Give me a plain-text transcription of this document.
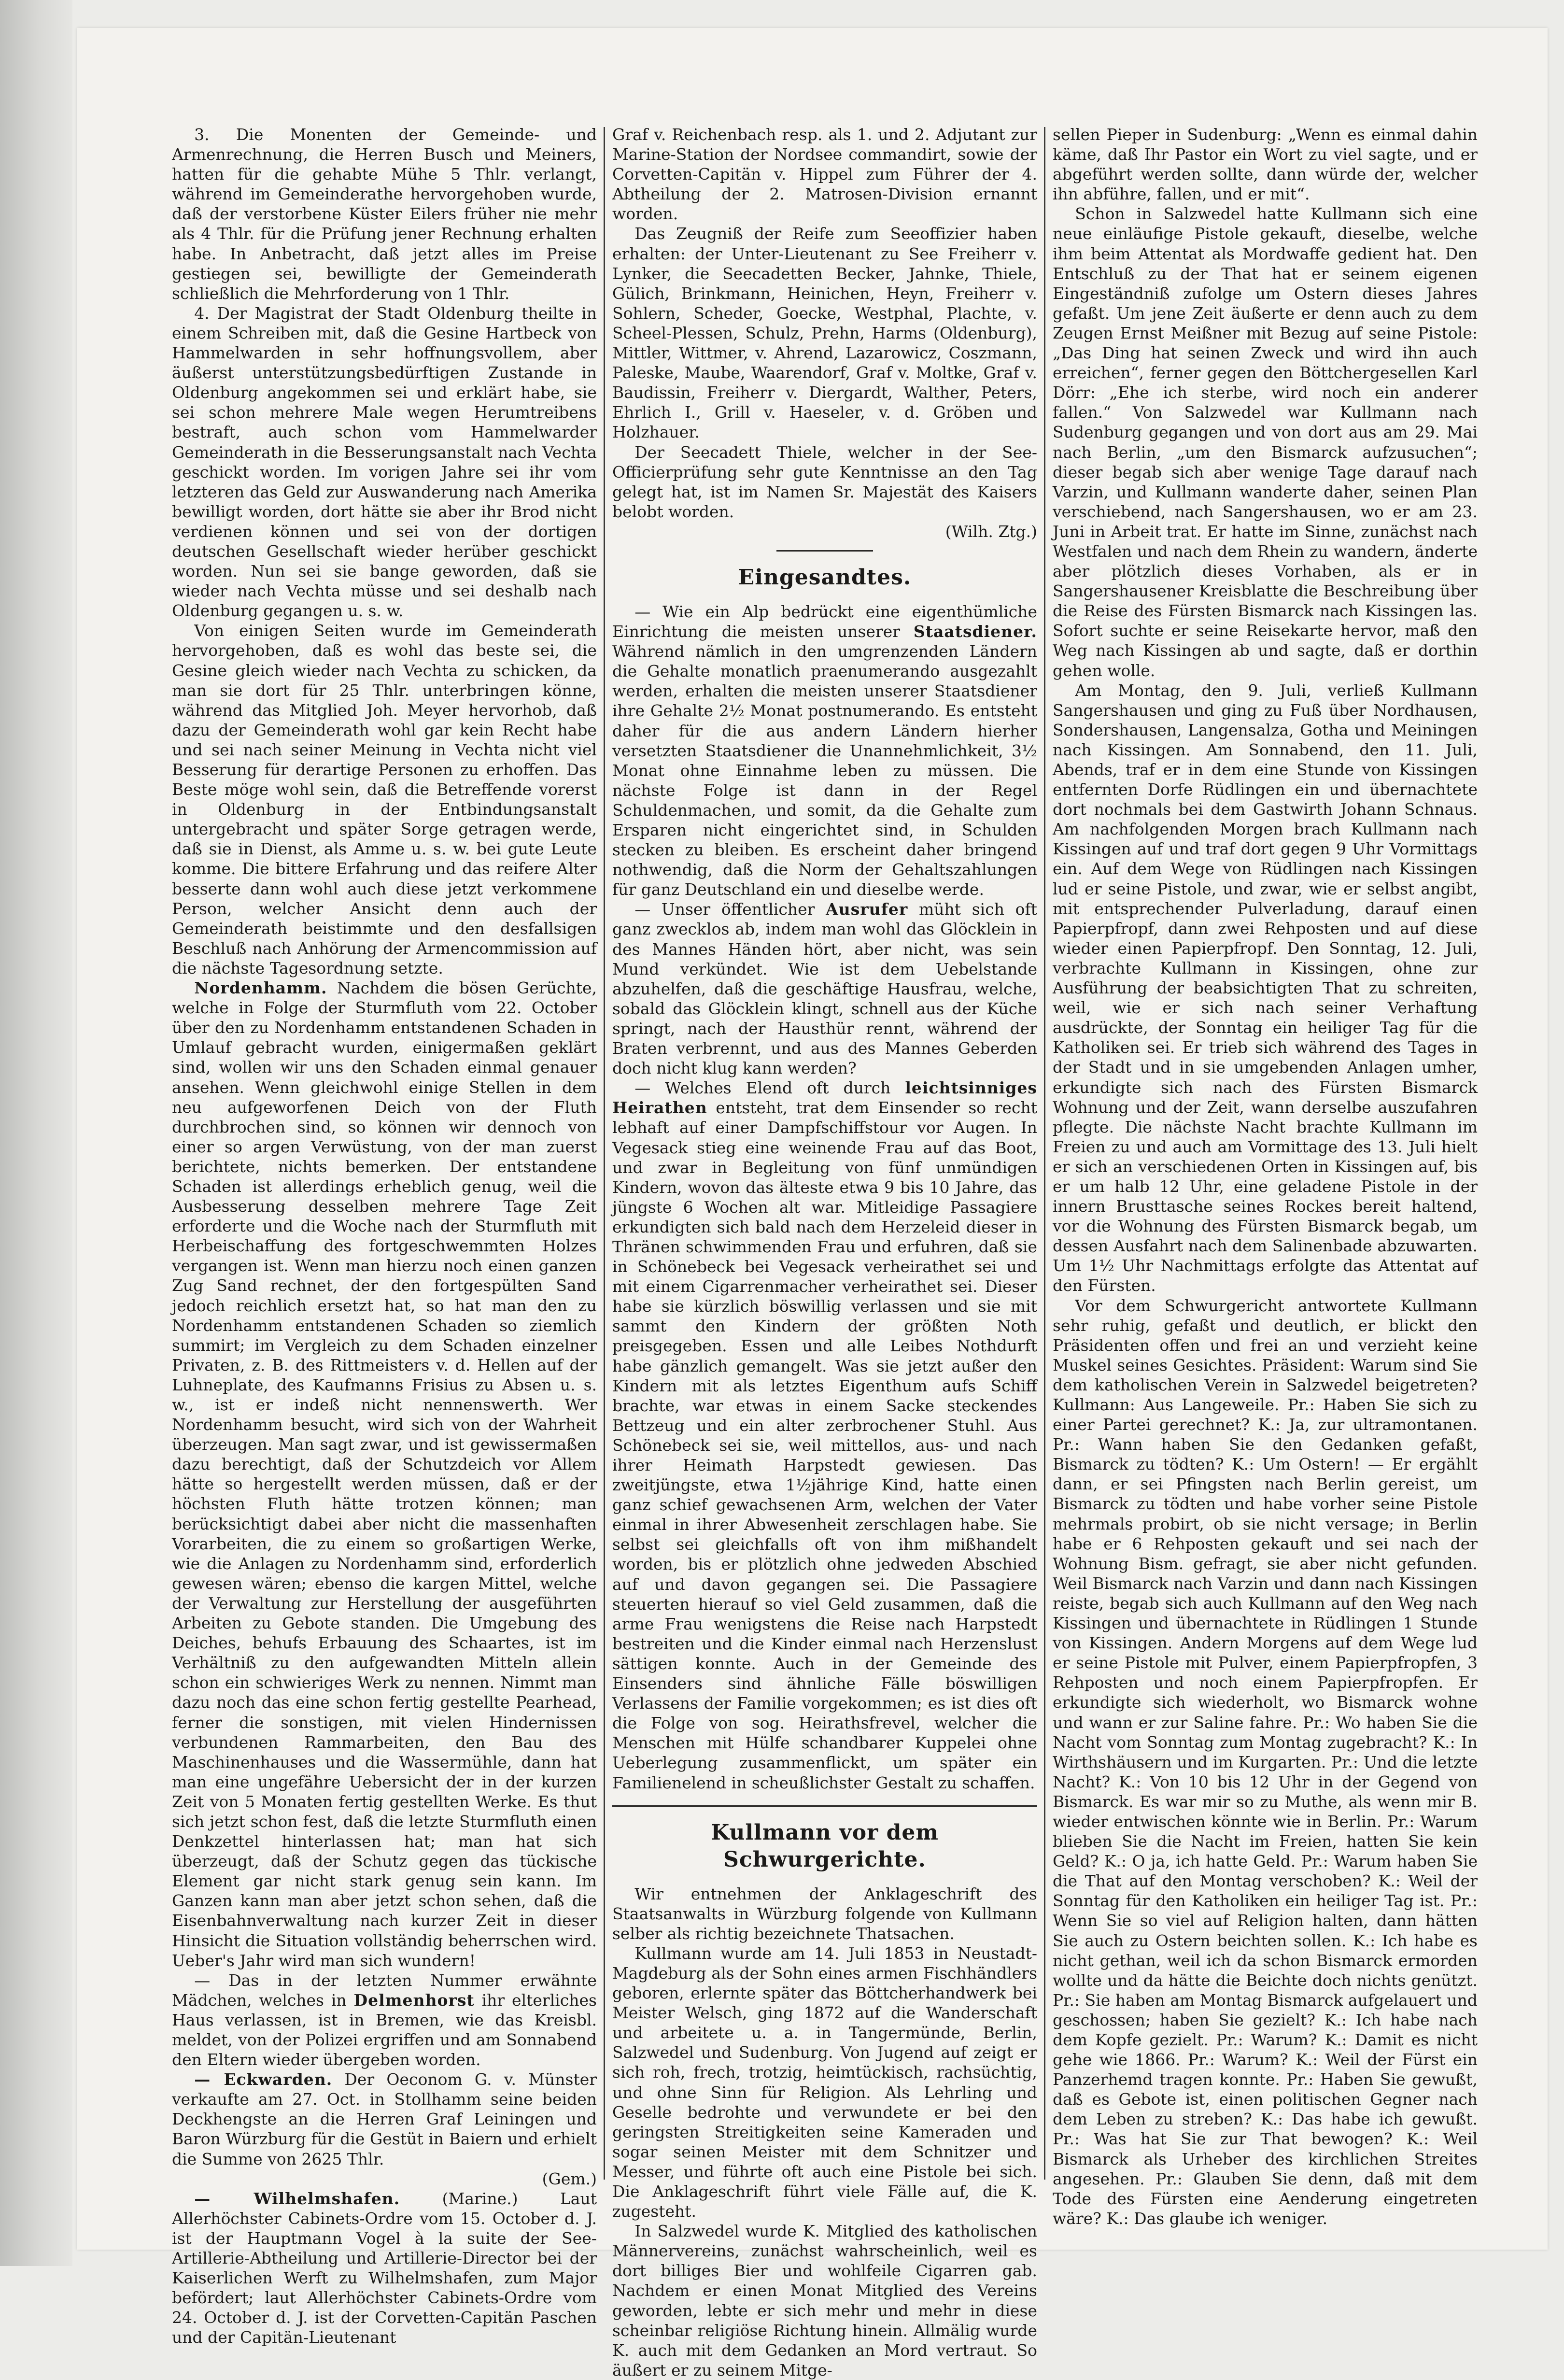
3. Die Monenten der Gemeinde- und Armenrechnung, die Herren Busch und Meiners, hatten für die gehabte Mühe 5 Thlr. verlangt, während im Gemeinderathe hervorgehoben wurde, daß der verstorbene Küster Eilers früher nie mehr als 4 Thlr. für die Prüfung jener Rechnung erhalten habe. In Anbetracht, daß jetzt alles im Preise gestiegen sei, bewilligte der Gemeinderath schließlich die Mehrforderung von 1 Thlr.

4. Der Magistrat der Stadt Oldenburg theilte in einem Schreiben mit, daß die Gesine Hartbeck von Hammelwarden in sehr hoffnungsvollem, aber äußerst unterstützungsbedürftigen Zustande in Oldenburg angekommen sei und erklärt habe, sie sei schon mehrere Male wegen Herumtreibens bestraft, auch schon vom Hammelwarder Gemeinderath in die Besserungsanstalt nach Vechta geschickt worden. Im vorigen Jahre sei ihr vom letzteren das Geld zur Auswanderung nach Amerika bewilligt worden, dort hätte sie aber ihr Brod nicht verdienen können und sei von der dortigen deutschen Gesellschaft wieder herüber geschickt worden. Nun sei sie bange geworden, daß sie wieder nach Vechta müsse und sei deshalb nach Oldenburg gegangen u. s. w.

Von einigen Seiten wurde im Gemeinderath hervorgehoben, daß es wohl das beste sei, die Gesine gleich wieder nach Vechta zu schicken, da man sie dort für 25 Thlr. unterbringen könne, während das Mitglied Joh. Meyer hervorhob, daß dazu der Gemeinderath wohl gar kein Recht habe und sei nach seiner Meinung in Vechta nicht viel Besserung für derartige Personen zu erhoffen. Das Beste möge wohl sein, daß die Betreffende vorerst in Oldenburg in der Entbindungsanstalt untergebracht und später Sorge getragen werde, daß sie in Dienst, als Amme u. s. w. bei gute Leute komme. Die bittere Erfahrung und das reifere Alter besserte dann wohl auch diese jetzt verkommene Person, welcher Ansicht denn auch der Gemeinderath beistimmte und den desfallsigen Beschluß nach Anhörung der Armencommission auf die nächste Tagesordnung setzte.

Nordenhamm. Nachdem die bösen Gerüchte, welche in Folge der Sturmfluth vom 22. October über den zu Nordenhamm entstandenen Schaden in Umlauf gebracht wurden, einigermaßen geklärt sind, wollen wir uns den Schaden einmal genauer ansehen. Wenn gleichwohl einige Stellen in dem neu aufgeworfenen Deich von der Fluth durchbrochen sind, so können wir dennoch von einer so argen Verwüstung, von der man zuerst berichtete, nichts bemerken. Der entstandene Schaden ist allerdings erheblich genug, weil die Ausbesserung desselben mehrere Tage Zeit erforderte und die Woche nach der Sturmfluth mit Herbeischaffung des fortgeschwemmten Holzes vergangen ist. Wenn man hierzu noch einen ganzen Zug Sand rechnet, der den fortgespülten Sand jedoch reichlich ersetzt hat, so hat man den zu Nordenhamm entstandenen Schaden so ziemlich summirt; im Vergleich zu dem Schaden einzelner Privaten, z. B. des Rittmeisters v. d. Hellen auf der Luhneplate, des Kaufmanns Frisius zu Absen u. s. w., ist er indeß nicht nennenswerth. Wer Nordenhamm besucht, wird sich von der Wahrheit überzeugen. Man sagt zwar, und ist gewissermaßen dazu berechtigt, daß der Schutzdeich vor Allem hätte so hergestellt werden müssen, daß er der höchsten Fluth hätte trotzen können; man berücksichtigt dabei aber nicht die massenhaften Vorarbeiten, die zu einem so großartigen Werke, wie die Anlagen zu Nordenhamm sind, erforderlich gewesen wären; ebenso die kargen Mittel, welche der Verwaltung zur Herstellung der ausgeführten Arbeiten zu Gebote standen. Die Umgebung des Deiches, behufs Erbauung des Schaartes, ist im Verhältniß zu den aufgewandten Mitteln allein schon ein schwieriges Werk zu nennen. Nimmt man dazu noch das eine schon fertig gestellte Pearhead, ferner die sonstigen, mit vielen Hindernissen verbundenen Rammarbeiten, den Bau des Maschinenhauses und die Wassermühle, dann hat man eine ungefähre Uebersicht der in der kurzen Zeit von 5 Monaten fertig gestellten Werke. Es thut sich jetzt schon fest, daß die letzte Sturmfluth einen Denkzettel hinterlassen hat; man hat sich überzeugt, daß der Schutz gegen das tückische Element gar nicht stark genug sein kann. Im Ganzen kann man aber jetzt schon sehen, daß die Eisenbahnverwaltung nach kurzer Zeit in dieser Hinsicht die Situation vollständig beherrschen wird. Ueber's Jahr wird man sich wundern!

— Das in der letzten Nummer erwähnte Mädchen, welches in Delmenhorst ihr elterliches Haus verlassen, ist in Bremen, wie das Kreisbl. meldet, von der Polizei ergriffen und am Sonnabend den Eltern wieder übergeben worden.

— Eckwarden. Der Oeconom G. v. Münster verkaufte am 27. Oct. in Stollhamm seine beiden Deckhengste an die Herren Graf Leiningen und Baron Würzburg für die Gestüt in Baiern und erhielt die Summe von 2625 Thlr.

(Gem.)

— Wilhelmshafen. (Marine.) Laut Allerhöchster Cabinets-Ordre vom 15. October d. J. ist der Hauptmann Vogel à la suite der See-Artillerie-Abtheilung und Artillerie-Director bei der Kaiserlichen Werft zu Wilhelmshafen, zum Major befördert; laut Allerhöchster Cabinets-Ordre vom 24. October d. J. ist der Corvetten-Capitän Paschen und der Capitän-Lieutenant

Graf v. Reichenbach resp. als 1. und 2. Adjutant zur Marine-Station der Nordsee commandirt, sowie der Corvetten-Capitän v. Hippel zum Führer der 4. Abtheilung der 2. Matrosen-Division ernannt worden.

Das Zeugniß der Reife zum Seeoffizier haben erhalten: der Unter-Lieutenant zu See Freiherr v. Lynker, die Seecadetten Becker, Jahnke, Thiele, Gülich, Brinkmann, Heinichen, Heyn, Freiherr v. Sohlern, Scheder, Goecke, Westphal, Plachte, v. Scheel-Plessen, Schulz, Prehn, Harms (Oldenburg), Mittler, Wittmer, v. Ahrend, Lazarowicz, Coszmann, Paleske, Maube, Waarendorf, Graf v. Moltke, Graf v. Baudissin, Freiherr v. Diergardt, Walther, Peters, Ehrlich I., Grill v. Haeseler, v. d. Gröben und Holzhauer.

Der Seecadett Thiele, welcher in der See-Officierprüfung sehr gute Kenntnisse an den Tag gelegt hat, ist im Namen Sr. Majestät des Kaisers belobt worden.

(Wilh. Ztg.)

Eingesandtes.

— Wie ein Alp bedrückt eine eigenthümliche Einrichtung die meisten unserer Staatsdiener. Während nämlich in den umgrenzenden Ländern die Gehalte monatlich praenumerando ausgezahlt werden, erhalten die meisten unserer Staatsdiener ihre Gehalte 2½ Monat postnumerando. Es entsteht daher für die aus andern Ländern hierher versetzten Staatsdiener die Unannehmlichkeit, 3½ Monat ohne Einnahme leben zu müssen. Die nächste Folge ist dann in der Regel Schuldenmachen, und somit, da die Gehalte zum Ersparen nicht eingerichtet sind, in Schulden stecken zu bleiben. Es erscheint daher bringend nothwendig, daß die Norm der Gehaltszahlungen für ganz Deutschland ein und dieselbe werde.

— Unser öffentlicher Ausrufer müht sich oft ganz zwecklos ab, indem man wohl das Glöcklein in des Mannes Händen hört, aber nicht, was sein Mund verkündet. Wie ist dem Uebelstande abzuhelfen, daß die geschäftige Hausfrau, welche, sobald das Glöcklein klingt, schnell aus der Küche springt, nach der Hausthür rennt, während der Braten verbrennt, und aus des Mannes Geberden doch nicht klug kann werden?

— Welches Elend oft durch leichtsinniges Heirathen entsteht, trat dem Einsender so recht lebhaft auf einer Dampfschiffstour vor Augen. In Vegesack stieg eine weinende Frau auf das Boot, und zwar in Begleitung von fünf unmündigen Kindern, wovon das älteste etwa 9 bis 10 Jahre, das jüngste 6 Wochen alt war. Mitleidige Passagiere erkundigten sich bald nach dem Herzeleid dieser in Thränen schwimmenden Frau und erfuhren, daß sie in Schönebeck bei Vegesack verheirathet sei und mit einem Cigarrenmacher verheirathet sei. Dieser habe sie kürzlich böswillig verlassen und sie mit sammt den Kindern der größten Noth preisgegeben. Essen und alle Leibes Nothdurft habe gänzlich gemangelt. Was sie jetzt außer den Kindern mit als letztes Eigenthum aufs Schiff brachte, war etwas in einem Sacke steckendes Bettzeug und ein alter zerbrochener Stuhl. Aus Schönebeck sei sie, weil mittellos, aus- und nach ihrer Heimath Harpstedt gewiesen. Das zweitjüngste, etwa 1½jährige Kind, hatte einen ganz schief gewachsenen Arm, welchen der Vater einmal in ihrer Abwesenheit zerschlagen habe. Sie selbst sei gleichfalls oft von ihm mißhandelt worden, bis er plötzlich ohne jedweden Abschied auf und davon gegangen sei. Die Passagiere steuerten hierauf so viel Geld zusammen, daß die arme Frau wenigstens die Reise nach Harpstedt bestreiten und die Kinder einmal nach Herzenslust sättigen konnte. Auch in der Gemeinde des Einsenders sind ähnliche Fälle böswilligen Verlassens der Familie vorgekommen; es ist dies oft die Folge von sog. Heirathsfrevel, welcher die Menschen mit Hülfe schandbarer Kuppelei ohne Ueberlegung zusammenflickt, um später ein Familienelend in scheußlichster Gestalt zu schaffen.

Kullmann vor dem Schwurgerichte.

Wir entnehmen der Anklageschrift des Staatsanwalts in Würzburg folgende von Kullmann selber als richtig bezeichnete Thatsachen.

Kullmann wurde am 14. Juli 1853 in Neustadt-Magdeburg als der Sohn eines armen Fischhändlers geboren, erlernte später das Böttcherhandwerk bei Meister Welsch, ging 1872 auf die Wanderschaft und arbeitete u. a. in Tangermünde, Berlin, Salzwedel und Sudenburg. Von Jugend auf zeigt er sich roh, frech, trotzig, heimtückisch, rachsüchtig, und ohne Sinn für Religion. Als Lehrling und Geselle bedrohte und verwundete er bei den geringsten Streitigkeiten seine Kameraden und sogar seinen Meister mit dem Schnitzer und Messer, und führte oft auch eine Pistole bei sich. Die Anklageschrift führt viele Fälle auf, die K. zugesteht.

In Salzwedel wurde K. Mitglied des katholischen Männervereins, zunächst wahrscheinlich, weil es dort billiges Bier und wohlfeile Cigarren gab. Nachdem er einen Monat Mitglied des Vereins geworden, lebte er sich mehr und mehr in diese scheinbar religiöse Richtung hinein. Allmälig wurde K. auch mit dem Gedanken an Mord vertraut. So äußert er zu seinem Mitge-

sellen Pieper in Sudenburg: „Wenn es einmal dahin käme, daß Ihr Pastor ein Wort zu viel sagte, und er abgeführt werden sollte, dann würde der, welcher ihn abführe, fallen, und er mit“.

Schon in Salzwedel hatte Kullmann sich eine neue einläufige Pistole gekauft, dieselbe, welche ihm beim Attentat als Mordwaffe gedient hat. Den Entschluß zu der That hat er seinem eigenen Eingeständniß zufolge um Ostern dieses Jahres gefaßt. Um jene Zeit äußerte er denn auch zu dem Zeugen Ernst Meißner mit Bezug auf seine Pistole: „Das Ding hat seinen Zweck und wird ihn auch erreichen“, ferner gegen den Böttchergesellen Karl Dörr: „Ehe ich sterbe, wird noch ein anderer fallen.“ Von Salzwedel war Kullmann nach Sudenburg gegangen und von dort aus am 29. Mai nach Berlin, „um den Bismarck aufzusuchen“; dieser begab sich aber wenige Tage darauf nach Varzin, und Kullmann wanderte daher, seinen Plan verschiebend, nach Sangershausen, wo er am 23. Juni in Arbeit trat. Er hatte im Sinne, zunächst nach Westfalen und nach dem Rhein zu wandern, änderte aber plötzlich dieses Vorhaben, als er in Sangershausener Kreisblatte die Beschreibung über die Reise des Fürsten Bismarck nach Kissingen las. Sofort suchte er seine Reisekarte hervor, maß den Weg nach Kissingen ab und sagte, daß er dorthin gehen wolle.

Am Montag, den 9. Juli, verließ Kullmann Sangershausen und ging zu Fuß über Nordhausen, Sondershausen, Langensalza, Gotha und Meiningen nach Kissingen. Am Sonnabend, den 11. Juli, Abends, traf er in dem eine Stunde von Kissingen entfernten Dorfe Rüdlingen ein und übernachtete dort nochmals bei dem Gastwirth Johann Schnaus. Am nachfolgenden Morgen brach Kullmann nach Kissingen auf und traf dort gegen 9 Uhr Vormittags ein. Auf dem Wege von Rüdlingen nach Kissingen lud er seine Pistole, und zwar, wie er selbst angibt, mit entsprechender Pulverladung, darauf einen Papierpfropf, dann zwei Rehposten und auf diese wieder einen Papierpfropf. Den Sonntag, 12. Juli, verbrachte Kullmann in Kissingen, ohne zur Ausführung der beabsichtigten That zu schreiten, weil, wie er sich nach seiner Verhaftung ausdrückte, der Sonntag ein heiliger Tag für die Katholiken sei. Er trieb sich während des Tages in der Stadt und in sie umgebenden Anlagen umher, erkundigte sich nach des Fürsten Bismarck Wohnung und der Zeit, wann derselbe auszufahren pflegte. Die nächste Nacht brachte Kullmann im Freien zu und auch am Vormittage des 13. Juli hielt er sich an verschiedenen Orten in Kissingen auf, bis er um halb 12 Uhr, eine geladene Pistole in der innern Brusttasche seines Rockes bereit haltend, vor die Wohnung des Fürsten Bismarck begab, um dessen Ausfahrt nach dem Salinenbade abzuwarten. Um 1½ Uhr Nachmittags erfolgte das Attentat auf den Fürsten.

Vor dem Schwurgericht antwortete Kullmann sehr ruhig, gefaßt und deutlich, er blickt den Präsidenten offen und frei an und verzieht keine Muskel seines Gesichtes. Präsident: Warum sind Sie dem katholischen Verein in Salzwedel beigetreten? Kullmann: Aus Langeweile. Pr.: Haben Sie sich zu einer Partei gerechnet? K.: Ja, zur ultramontanen. Pr.: Wann haben Sie den Gedanken gefaßt, Bismarck zu tödten? K.: Um Ostern! — Er ergählt dann, er sei Pfingsten nach Berlin gereist, um Bismarck zu tödten und habe vorher seine Pistole mehrmals probirt, ob sie nicht versage; in Berlin habe er 6 Rehposten gekauft und sei nach der Wohnung Bism. gefragt, sie aber nicht gefunden. Weil Bismarck nach Varzin und dann nach Kissingen reiste, begab sich auch Kullmann auf den Weg nach Kissingen und übernachtete in Rüdlingen 1 Stunde von Kissingen. Andern Morgens auf dem Wege lud er seine Pistole mit Pulver, einem Papierpfropfen, 3 Rehposten und noch einem Papierpfropfen. Er erkundigte sich wiederholt, wo Bismarck wohne und wann er zur Saline fahre. Pr.: Wo haben Sie die Nacht vom Sonntag zum Montag zugebracht? K.: In Wirthshäusern und im Kurgarten. Pr.: Und die letzte Nacht? K.: Von 10 bis 12 Uhr in der Gegend von Bismarck. Es war mir so zu Muthe, als wenn mir B. wieder entwischen könnte wie in Berlin. Pr.: Warum blieben Sie die Nacht im Freien, hatten Sie kein Geld? K.: O ja, ich hatte Geld. Pr.: Warum haben Sie die That auf den Montag verschoben? K.: Weil der Sonntag für den Katholiken ein heiliger Tag ist. Pr.: Wenn Sie so viel auf Religion halten, dann hätten Sie auch zu Ostern beichten sollen. K.: Ich habe es nicht gethan, weil ich da schon Bismarck ermorden wollte und da hätte die Beichte doch nichts genützt. Pr.: Sie haben am Montag Bismarck aufgelauert und geschossen; haben Sie gezielt? K.: Ich habe nach dem Kopfe gezielt. Pr.: Warum? K.: Damit es nicht gehe wie 1866. Pr.: Warum? K.: Weil der Fürst ein Panzerhemd tragen konnte. Pr.: Haben Sie gewußt, daß es Gebote ist, einen politischen Gegner nach dem Leben zu streben? K.: Das habe ich gewußt. Pr.: Was hat Sie zur That bewogen? K.: Weil Bismarck als Urheber des kirchlichen Streites angesehen. Pr.: Glauben Sie denn, daß mit dem Tode des Fürsten eine Aenderung eingetreten wäre? K.: Das glaube ich weniger.
